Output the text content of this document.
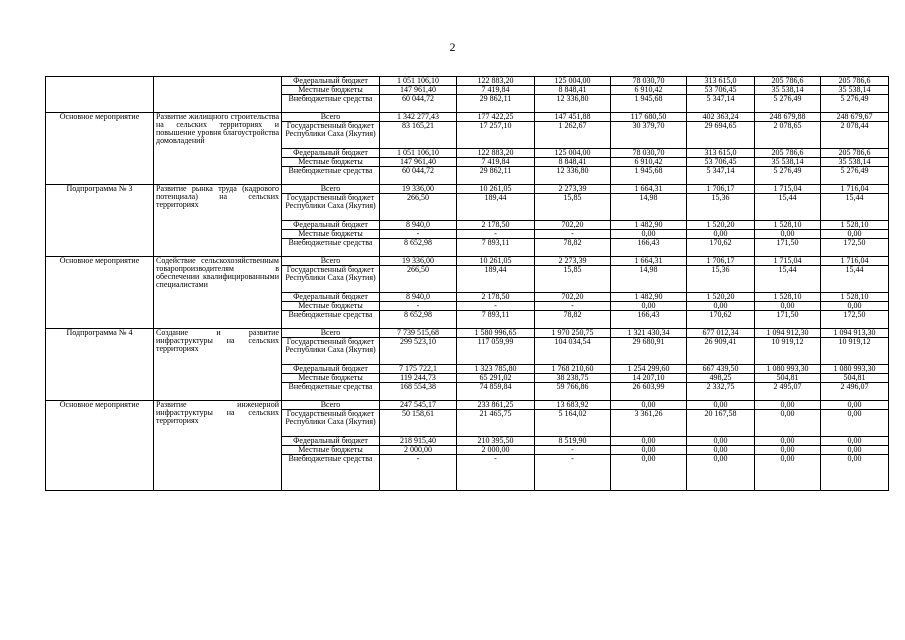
2
		Федеральный бюджет	1 051 106,10	122 883,20	125 004,00	78 030,70	313 615,0	205 786,6	205 786,6
		Местные бюджеты	147 961,40	7 419,84	8 848,41	6 910,42	53 706,45	35 538,14	35 538,14
		Внебюджетные средства	60 044,72	29 862,11	12 336,80	1 945,68	5 347,14	5 276,49	5 276,49
Основное мероприятие	Развитие жилищного строительства на сельских территориях и повышение уровня благоустройства домовладений	Всего	1 342 277,43	177 422,25	147 451,88	117 680,50	402 363,24	248 679,88	248 679,67
		Государственный бюджет Республики Саха (Якутия)	83 165,21	17 257,10	1 262,67	30 379,70	29 694,65	2 078,65	2 078,44
		Федеральный бюджет	1 051 106,10	122 883,20	125 004,00	78 030,70	313 615,0	205 786,6	205 786,6
		Местные бюджеты	147 961,40	7 419,84	8 848,41	6 910,42	53 706,45	35 538,14	35 538,14
		Внебюджетные средства	60 044,72	29 862,11	12 336,80	1 945,68	5 347,14	5 276,49	5 276,49
Подпрограмма № 3	Развитие рынка труда (кадрового потенциала) на сельских территориях	Всего	19 336,00	10 261,05	2 273,39	1 664,31	1 706,17	1 715,04	1 716,04
		Государственный бюджет Республики Саха (Якутия)	266,50	189,44	15,85	14,98	15,36	15,44	15,44
		Федеральный бюджет	8 940,0	2 178,50	702,20	1 482,90	1 520,20	1 528,10	1 528,10
		Местные бюджеты	-	-	-	0,00	0,00	0,00	0,00
		Внебюджетные средства	8 652,98	7 893,11	78,82	166,43	170,62	171,50	172,50
Основное мероприятие	Содействие сельскохозяйственным товаропроизводителям в обеспечении квалифицированными специалистами	Всего	19 336,00	10 261,05	2 273,39	1 664,31	1 706,17	1 715,04	1 716,04
		Государственный бюджет Республики Саха (Якутия)	266,50	189,44	15,85	14,98	15,36	15,44	15,44
		Федеральный бюджет	8 940,0	2 178,50	702,20	1 482,90	1 520,20	1 528,10	1 528,10
		Местные бюджеты	-	-	-	0,00	0,00	0,00	0,00
		Внебюджетные средства	8 652,98	7 893,11	78,82	166,43	170,62	171,50	172,50
Подпрограмма № 4	Создание и развитие инфраструктуры на сельских территориях	Всего	7 739 515,68	1 580 996,65	1 970 250,75	1 321 430,34	677 012,34	1 094 912,30	1 094 913,30
		Государственный бюджет Республики Саха (Якутия)	299 523,10	117 059,99	104 034,54	29 680,91	26 909,41	10 919,12	10 919,12
		Федеральный бюджет	7 175 722,1	1 323 785,80	1 768 210,60	1 254 299,60	667 439,50	1 080 993,30	1 080 993,30
		Местные бюджеты	119 244,73	65 291,02	38 238,75	14 207,10	498,25	504,81	504,81
		Внебюджетные средства	168 554,38	74 859,84	59 766,86	26 603,99	2 332,75	2 495,07	2 496,07
Основное мероприятие	Развитие инженерной инфраструктуры на сельских территориях	Всего	247 545,17	233 861,25	13 683,92	0,00	0,00	0,00	0,00
		Государственный бюджет Республики Саха (Якутия)	50 158,61	21 465,75	5 164,02	3 361,26	20 167,58	0,00	0,00
		Федеральный бюджет	218 915,40	210 395,50	8 519,90	0,00	0,00	0,00	0,00
		Местные бюджеты	2 000,00	2 000,00	-	0,00	0,00	0,00	0,00
		Внебюджетные средства	-	-	-	0,00	0,00	0,00	0,00
